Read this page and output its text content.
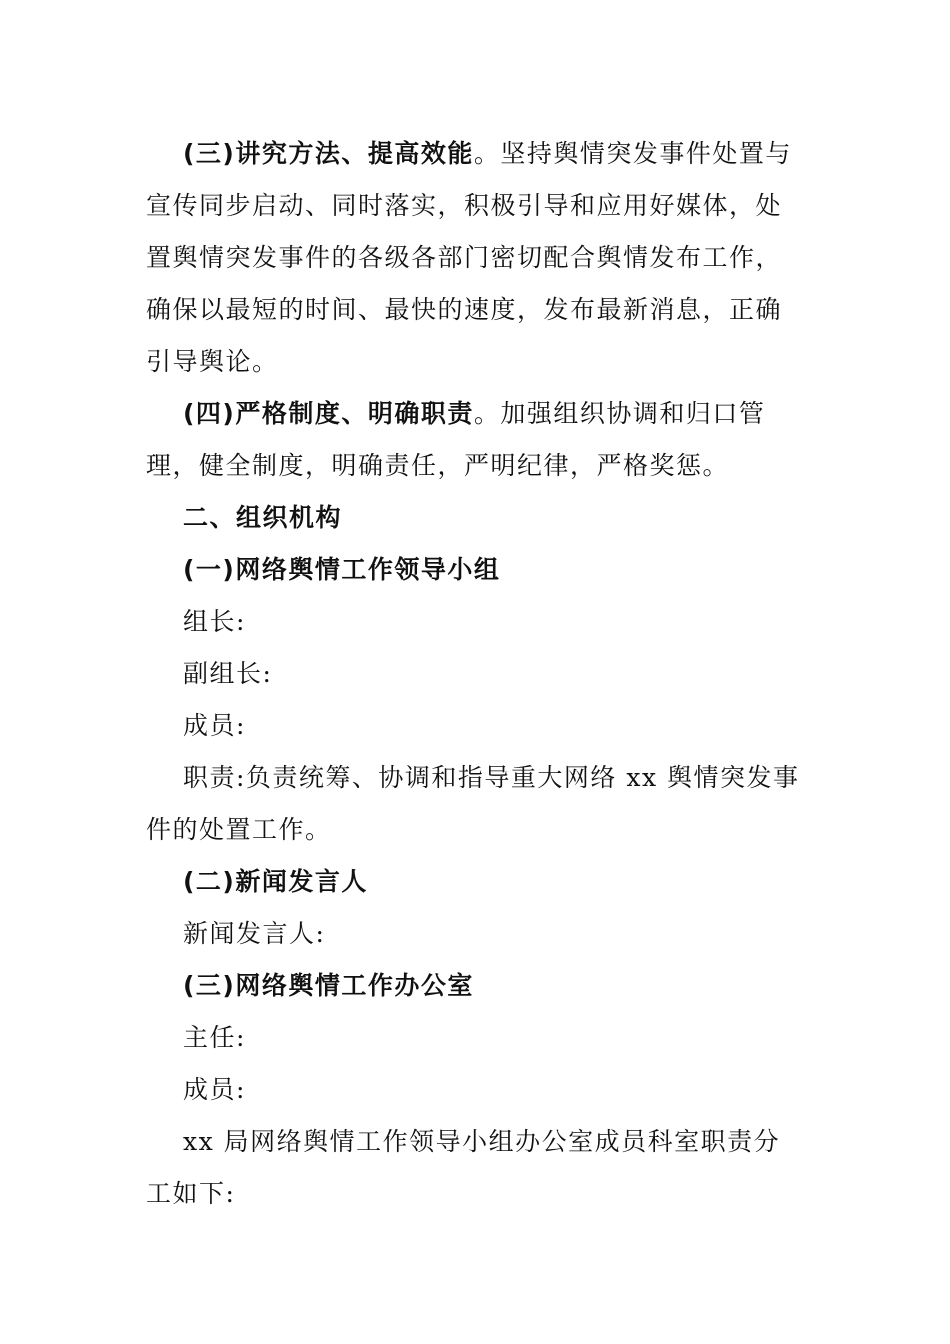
(三)讲究方法、提高效能。坚持舆情突发事件处置与宣传同步启动、同时落实，积极引导和应用好媒体，处置舆情突发事件的各级各部门密切配合舆情发布工作，确保以最短的时间、最快的速度，发布最新消息，正确引导舆论。

(四)严格制度、明确职责。加强组织协调和归口管理，健全制度，明确责任，严明纪律，严格奖惩。

二、组织机构

(一)网络舆情工作领导小组

组长:

副组长:

成员:

职责:负责统筹、协调和指导重大网络 xx 舆情突发事件的处置工作。

(二)新闻发言人

新闻发言人:

(三)网络舆情工作办公室

主任:

成员:

xx 局网络舆情工作领导小组办公室成员科室职责分工如下:
